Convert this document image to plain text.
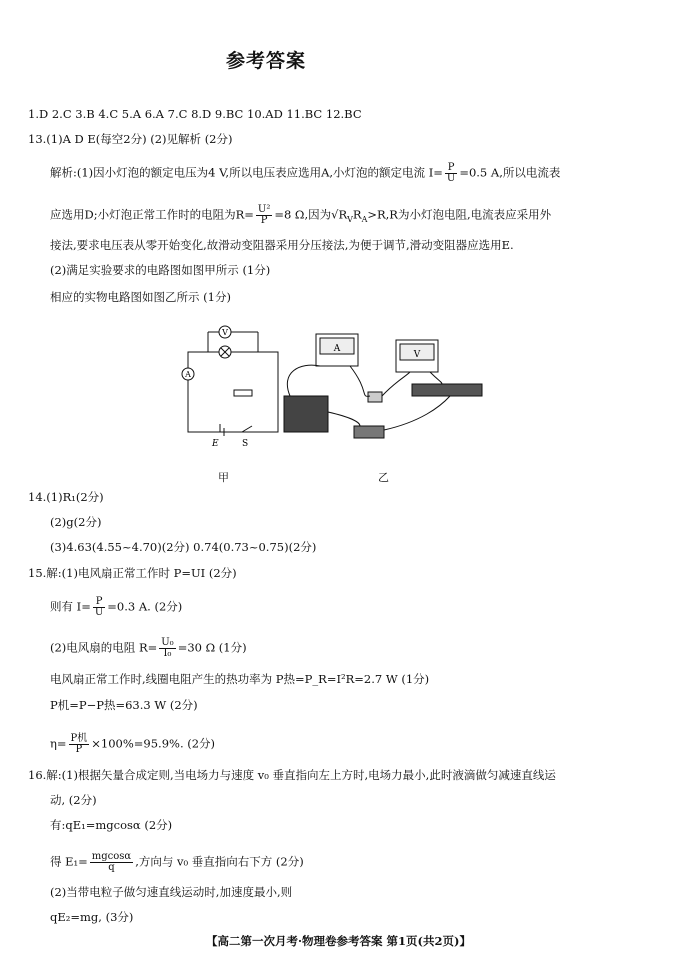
参考答案
1.D 2.C 3.B 4.C 5.A 6.A 7.C 8.D 9.BC 10.AD 11.BC 12.BC
13.(1)A D E(每空2分) (2)见解析 (2分)
解析:(1)因小灯泡的额定电压为4 V,所以电压表应选用A,小灯泡的额定电流 $I= \frac{P}{U} =0.5$ A,所以电流表
应选用D;小灯泡正常工作时的电阻为$R= \frac{\text{U²}}{P} =8$ Ω,因为$√R_VR_A>R,R$为小灯泡电阻,电流表应采用外
接法,要求电压表从零开始变化,故滑动变阻器采用分压接法,为便于调节,滑动变阻器应选用E.
(2)满足实验要求的电路图如图甲所示 (1分)
相应的实物电路图如图乙所示 (1分)
V
A
E	S
A
V
甲	乙
14.(1)R₁(2分)
(2)g(2分)
(3)4.63(4.55~4.70)(2分) 0.74(0.73~0.75)(2分)
15.解:(1)电风扇正常工作时 P=UI (2分)
则有 $I= \frac{P}{U} =0.3$ A. (2分)
(2)电风扇的电阻 $R= \frac{\text{U₀}}{\text{I₀}} =30$ Ω (1分)
电风扇正常工作时,线圈电阻产生的热功率为 P热=P_R=I²R=2.7 W (1分)
P机=P−P热=63.3 W (2分)
$\eta= \frac{\text{P机}}{P} \times 100\%=95.9\%$. (2分)
16.解:(1)根据矢量合成定则,当电场力与速度 v₀ 垂直指向左上方时,电场力最小,此时液滴做匀减速直线运
动, (2分)
有:qE₁=mgcosα (2分)
得 $E_1= \frac{mgcos\alpha}{q}$ ,方向与 v₀ 垂直指向右下方 (2分)
(2)当带电粒子做匀速直线运动时,加速度最小,则
qE₂=mg, (3分)
【高二第一次月考·物理卷参考答案 第1页(共2页)】
